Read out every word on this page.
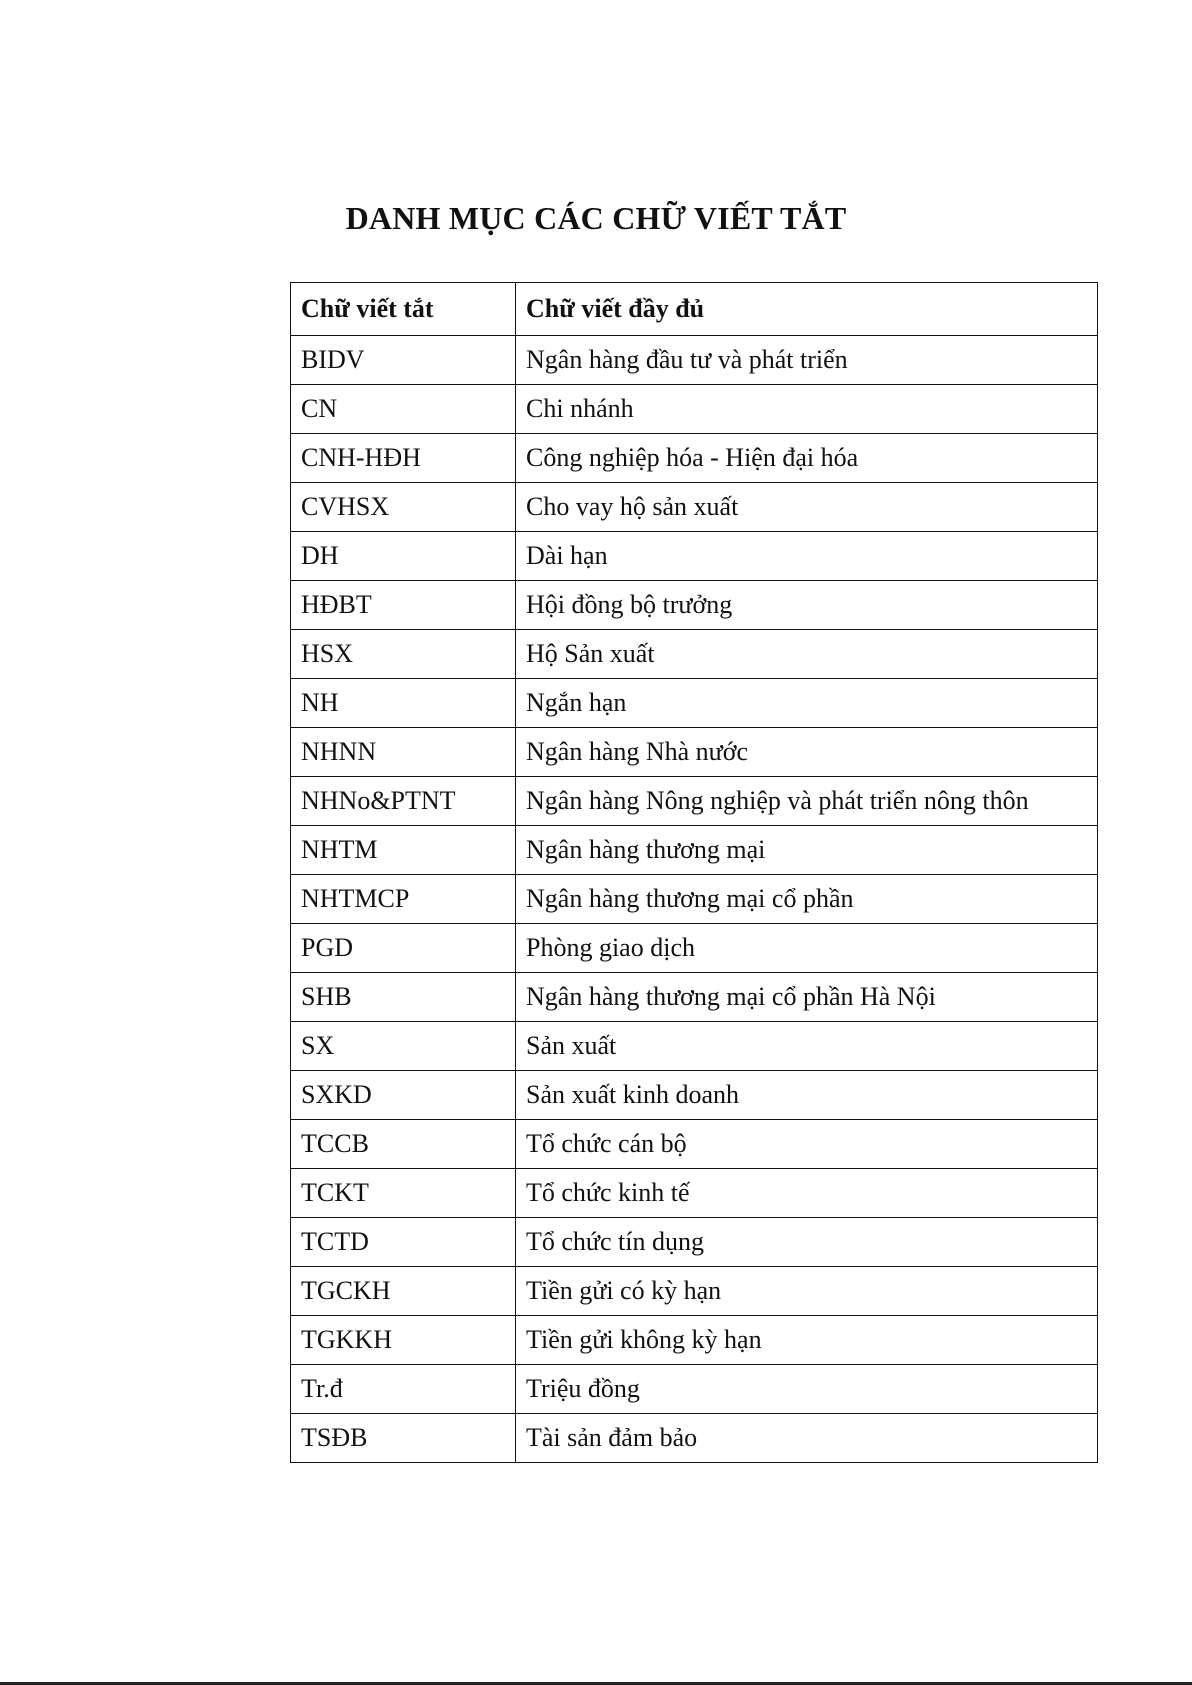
DANH MỤC CÁC CHỮ VIẾT TẮT
Chữ viết tắt	Chữ viết đầy đủ
BIDV	Ngân hàng đầu tư và phát triển
CN	Chi nhánh
CNH-HĐH	Công nghiệp hóa - Hiện đại hóa
CVHSX	Cho vay hộ sản xuất
DH	Dài hạn
HĐBT	Hội đồng bộ trưởng
HSX	Hộ Sản xuất
NH	Ngắn hạn
NHNN	Ngân hàng Nhà nước
NHNo&PTNT	Ngân hàng Nông nghiệp và phát triển nông thôn
NHTM	Ngân hàng thương mại
NHTMCP	Ngân hàng thương mại cổ phần
PGD	Phòng giao dịch
SHB	Ngân hàng thương mại cổ phần Hà Nội
SX	Sản xuất
SXKD	Sản xuất kinh doanh
TCCB	Tổ chức cán bộ
TCKT	Tổ chức kinh tế
TCTD	Tổ chức tín dụng
TGCKH	Tiền gửi có kỳ hạn
TGKKH	Tiền gửi không kỳ hạn
Tr.đ	Triệu đồng
TSĐB	Tài sản đảm bảo
